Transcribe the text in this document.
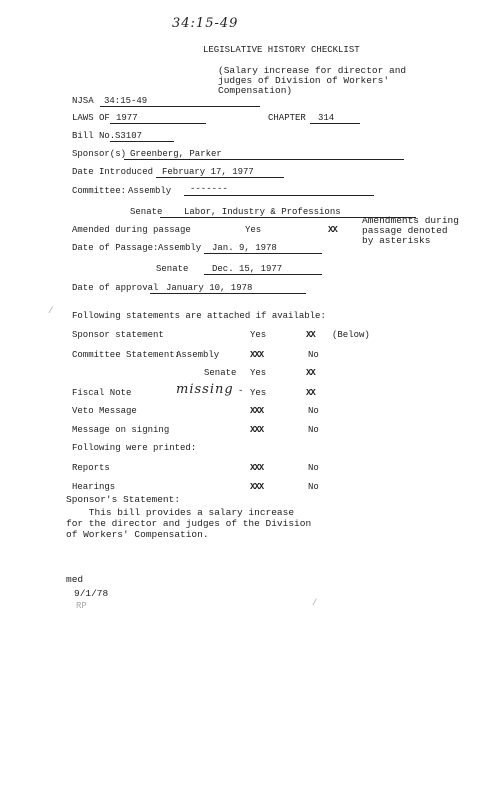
34:15-49
LEGISLATIVE HISTORY CHECKLIST
(Salary increase for director and
judges of Division of Workers'
Compensation)
NJSA 34:15-49
LAWS OF 1977	CHAPTER 314
Bill No. S3107
Sponsor(s) Greenberg, Parker
Date Introduced February 17, 1977
Committee: Assembly -------
Senate Labor, Industry & Professions
Amended during passage	Yes	XX
Amendments during
passage denoted
by asterisks
Date of Passage: Assembly Jan. 9, 1978
Senate	Dec. 15, 1977
Date of approval January 10, 1978
/ Following statements are attached if available:
Sponsor statement	Yes	XX (Below)
Committee Statement:
Assembly	XXX	No
Senate Yes	XX
Fiscal Note	missing - Yes	XX
Veto Message	XXX	No
Message on signing	XXX	No
Following were printed:
Reports	XXX	No
Hearings	XXX	No
Sponsor's Statement:
This bill provides a salary increase
for the director and judges of the Division
of Workers' Compensation.
med
9/1/78
RP	/
